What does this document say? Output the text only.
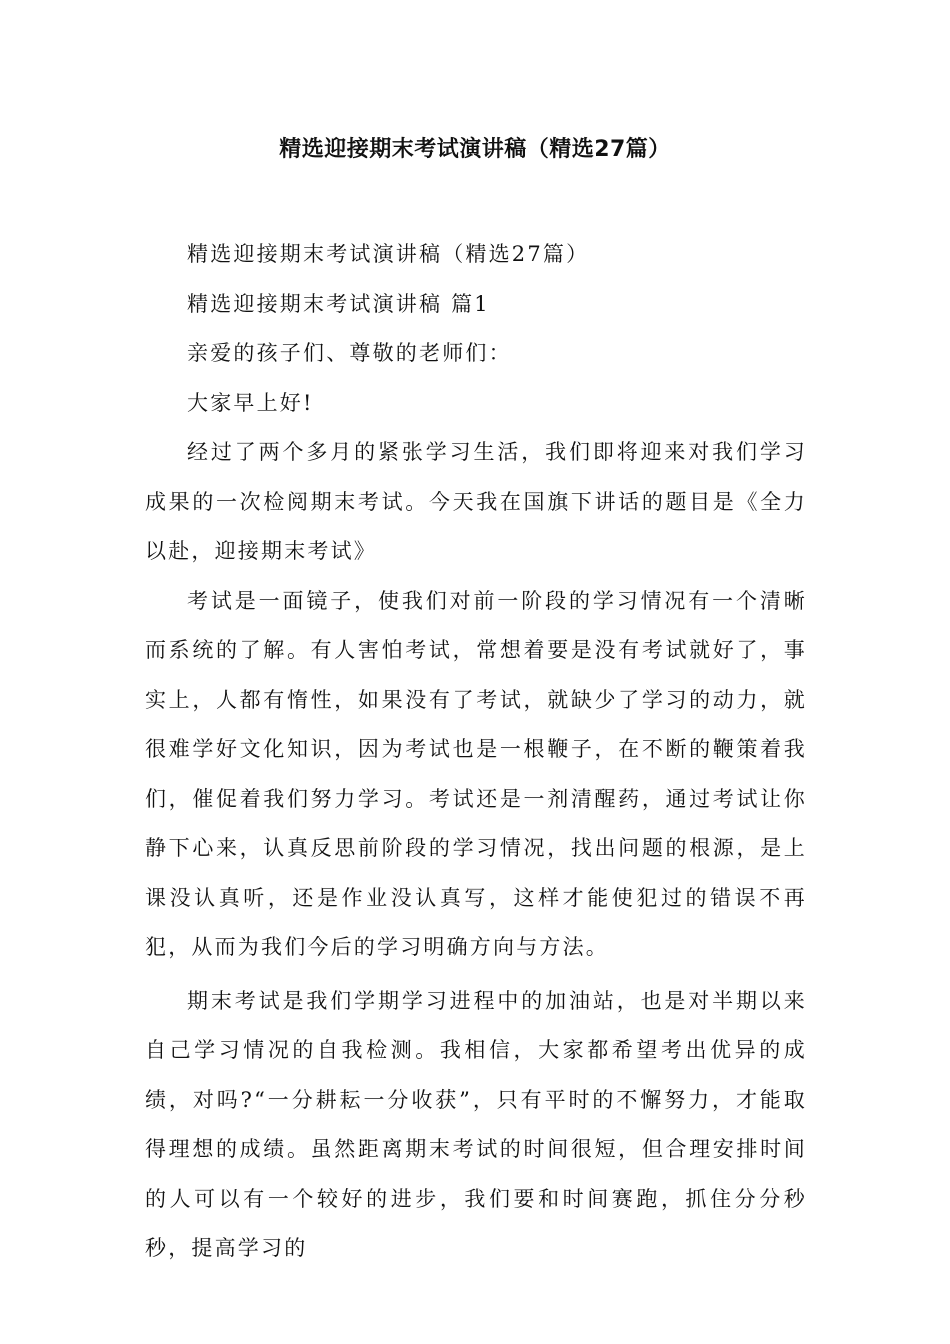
精选迎接期末考试演讲稿（精选27篇）

精选迎接期末考试演讲稿（精选27篇）

精选迎接期末考试演讲稿 篇1

亲爱的孩子们、尊敬的老师们：

大家早上好!

经过了两个多月的紧张学习生活，我们即将迎来对我们学习成果的一次检阅期末考试。今天我在国旗下讲话的题目是《全力以赴，迎接期末考试》

考试是一面镜子，使我们对前一阶段的学习情况有一个清晰而系统的了解。有人害怕考试，常想着要是没有考试就好了，事实上，人都有惰性，如果没有了考试，就缺少了学习的动力，就很难学好文化知识，因为考试也是一根鞭子，在不断的鞭策着我们，催促着我们努力学习。考试还是一剂清醒药，通过考试让你静下心来，认真反思前阶段的学习情况，找出问题的根源，是上课没认真听，还是作业没认真写，这样才能使犯过的错误不再犯，从而为我们今后的学习明确方向与方法。

期末考试是我们学期学习进程中的加油站，也是对半期以来自己学习情况的自我检测。我相信，大家都希望考出优异的成绩，对吗?“一分耕耘一分收获”，只有平时的不懈努力，才能取得理想的成绩。虽然距离期末考试的时间很短，但合理安排时间的人可以有一个较好的进步，我们要和时间赛跑，抓住分分秒秒，提高学习的
